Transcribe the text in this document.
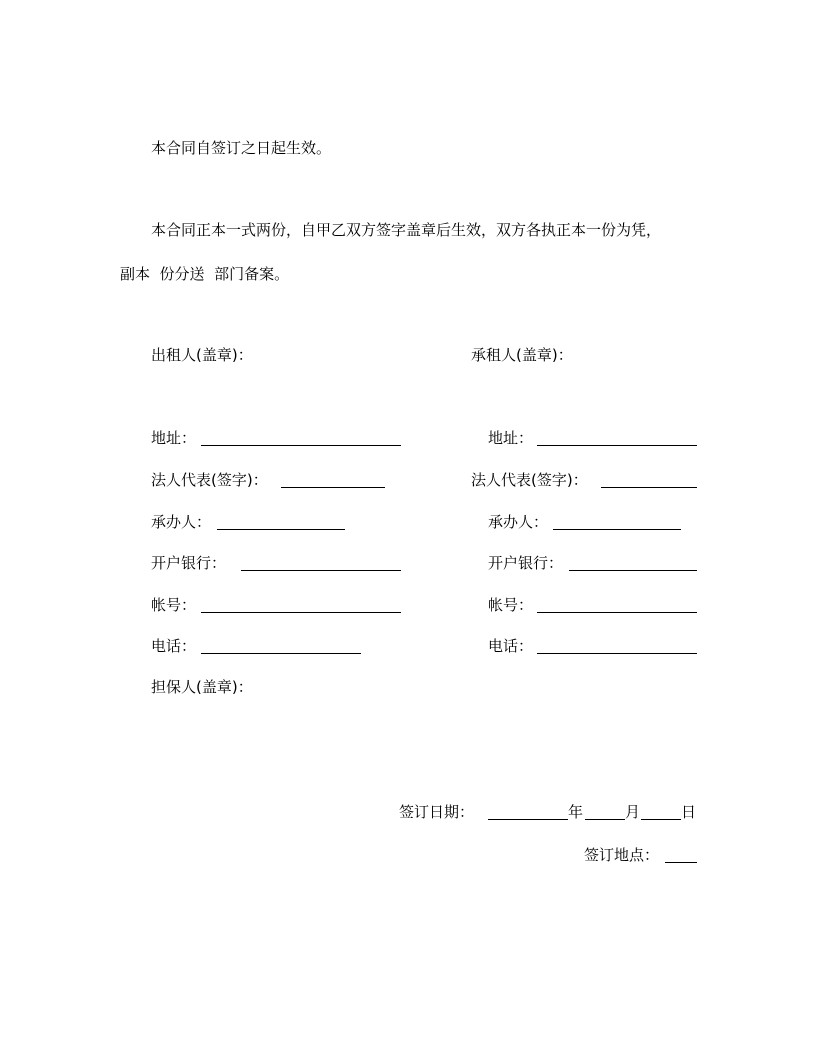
本合同自签订之日起生效。
本合同正本一式两份，自甲乙双方签字盖章后生效，双方各执正本一份为凭，
副本  份分送  部门备案。
出租人(盖章)：	承租人(盖章)：
地址：	地址：
法人代表(签字)：	法人代表(签字)：
承办人：	承办人：
开户银行：	开户银行：
帐号：	帐号：
电话：	电话：
担保人(盖章)：
签订日期：	年	月	日
签订地点：
